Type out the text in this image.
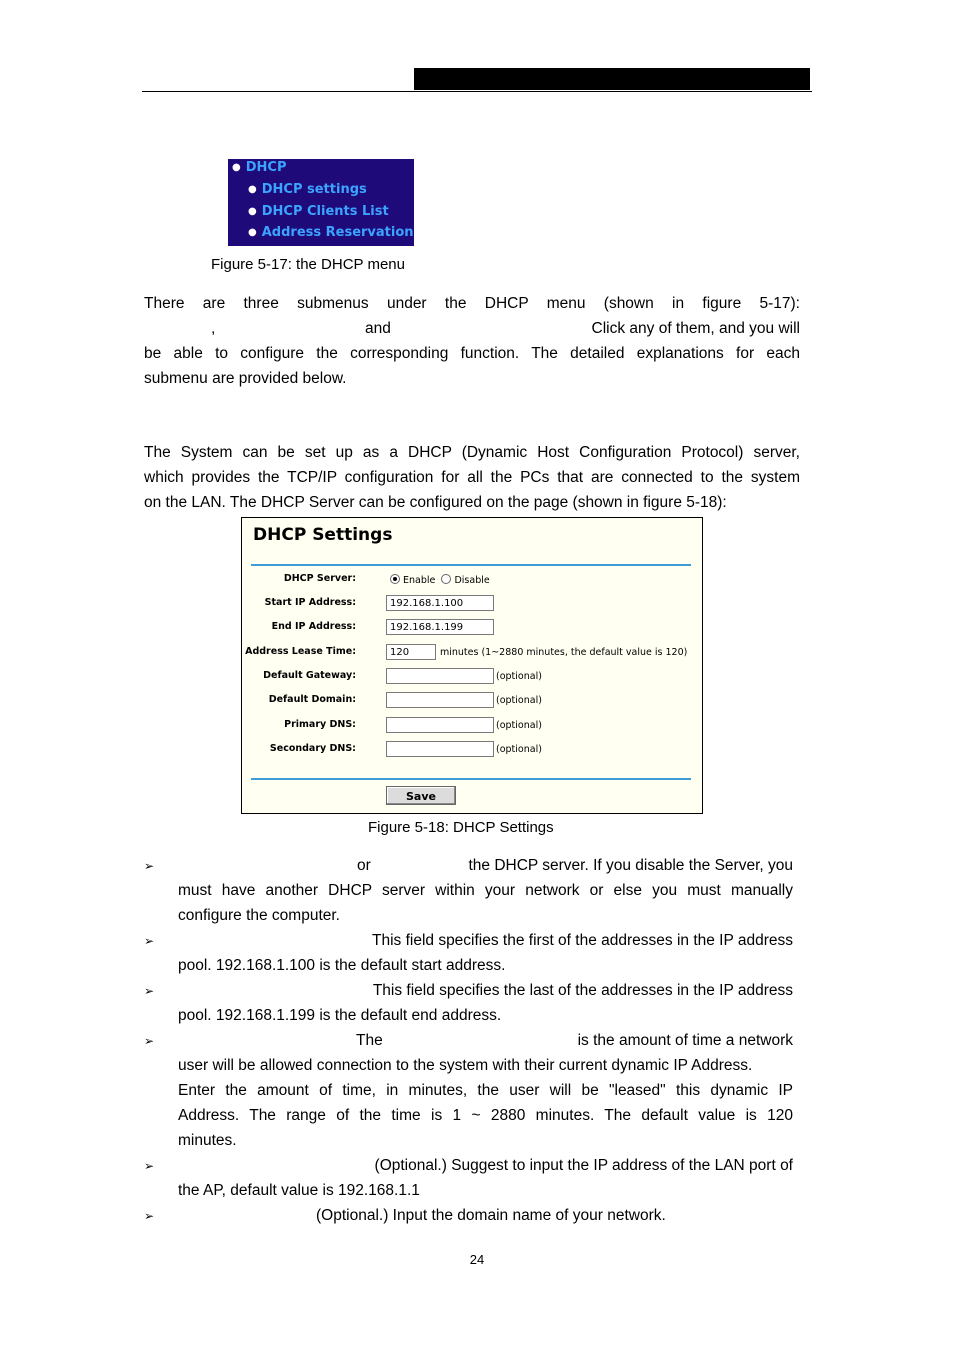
● DHCP
● DHCP settings
● DHCP Clients List
● Address Reservation
Figure 5-17: the DHCP menu
There are three submenus under the DHCP menu (shown in figure 5-17):
,	and	Click any of them, and you will
be able to configure the corresponding function. The detailed explanations for each
submenu are provided below.
The System can be set up as a DHCP (Dynamic Host Configuration Protocol) server,
which provides the TCP/IP configuration for all the PCs that are connected to the system
on the LAN. The DHCP Server can be configured on the page (shown in figure 5-18):
DHCP Settings
DHCP Server:	Enable Disable
Start IP Address:	192.168.1.100
End IP Address:	192.168.1.199
Address Lease Time:	120	minutes (1~2880 minutes, the default value is 120)
Default Gateway:	(optional)
Default Domain:	(optional)
Primary DNS:	(optional)
Secondary DNS:	(optional)
Save
Figure 5-18: DHCP Settings
➢	or	the DHCP server. If you disable the Server, you
must have another DHCP server within your network or else you must manually
configure the computer.
➢	This field specifies the first of the addresses in the IP address
pool. 192.168.1.100 is the default start address.
➢	This field specifies the last of the addresses in the IP address
pool. 192.168.1.199 is the default end address.
➢	The	is the amount of time a network
user will be allowed connection to the system with their current dynamic IP Address.
Enter the amount of time, in minutes, the user will be "leased" this dynamic IP
Address. The range of the time is 1 ~ 2880 minutes. The default value is 120
minutes.
➢	(Optional.) Suggest to input the IP address of the LAN port of
the AP, default value is 192.168.1.1
➢	(Optional.) Input the domain name of your network.
24
